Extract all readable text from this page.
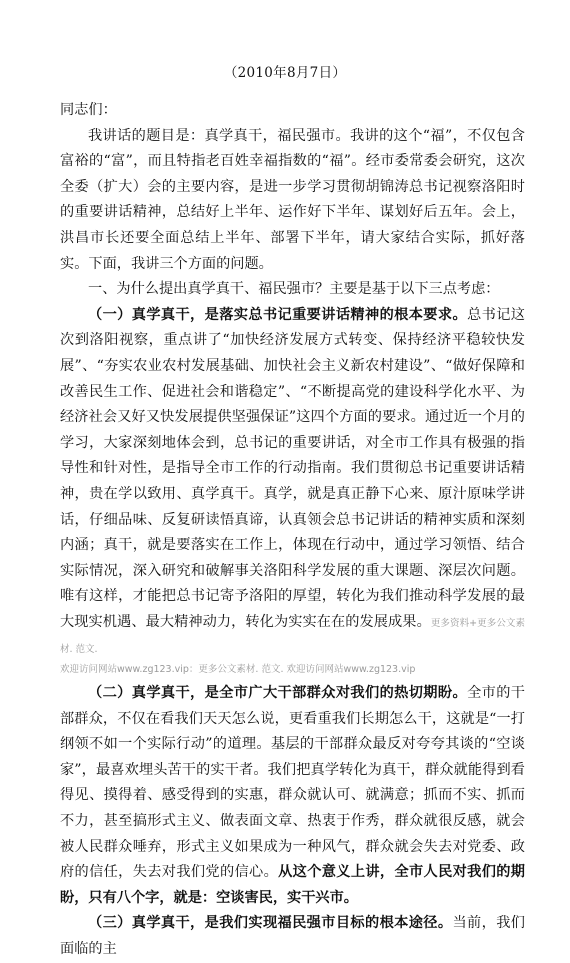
（2010年8月7日）

同志们：

我讲话的题目是：真学真干，福民强市。我讲的这个“福”，不仅包含富裕的“富”，而且特指老百姓幸福指数的“福”。经市委常委会研究，这次全委（扩大）会的主要内容，是进一步学习贯彻胡锦涛总书记视察洛阳时的重要讲话精神，总结好上半年、运作好下半年、谋划好后五年。会上，洪昌市长还要全面总结上半年、部署下半年，请大家结合实际，抓好落实。下面，我讲三个方面的问题。

一、为什么提出真学真干、福民强市？主要是基于以下三点考虑：

（一）真学真干，是落实总书记重要讲话精神的根本要求。总书记这次到洛阳视察，重点讲了“加快经济发展方式转变、保持经济平稳较快发展”、“夯实农业农村发展基础、加快社会主义新农村建设”、“做好保障和改善民生工作、促进社会和谐稳定”、“不断提高党的建设科学化水平、为经济社会又好又快发展提供坚强保证”这四个方面的要求。通过近一个月的学习，大家深刻地体会到，总书记的重要讲话，对全市工作具有极强的指导性和针对性，是指导全市工作的行动指南。我们贯彻总书记重要讲话精神，贵在学以致用、真学真干。真学，就是真正静下心来、原汁原味学讲话，仔细品味、反复研读悟真谛，认真领会总书记讲话的精神实质和深刻内涵；真干，就是要落实在工作上，体现在行动中，通过学习领悟、结合实际情况，深入研究和破解事关洛阳科学发展的重大课题、深层次问题。唯有这样，才能把总书记寄予洛阳的厚望，转化为我们推动科学发展的最大现实机遇、最大精神动力，转化为实实在在的发展成果。更多资料+更多公文素材. 范文.

欢迎访问网站www.zg123.vip：更多公文素材. 范文. 欢迎访问网站www.zg123.vip

（二）真学真干，是全市广大干部群众对我们的热切期盼。全市的干部群众，不仅在看我们天天怎么说，更看重我们长期怎么干，这就是“一打纲领不如一个实际行动”的道理。基层的干部群众最反对夸夸其谈的“空谈家”，最喜欢埋头苦干的实干者。我们把真学转化为真干，群众就能得到看得见、摸得着、感受得到的实惠，群众就认可、就满意；抓而不实、抓而不力，甚至搞形式主义、做表面文章、热衷于作秀，群众就很反感，就会被人民群众唾弃，形式主义如果成为一种风气，群众就会失去对党委、政府的信任，失去对我们党的信心。从这个意义上讲，全市人民对我们的期盼，只有八个字，就是：空谈害民，实干兴市。

（三）真学真干，是我们实现福民强市目标的根本途径。当前，我们面临的主
